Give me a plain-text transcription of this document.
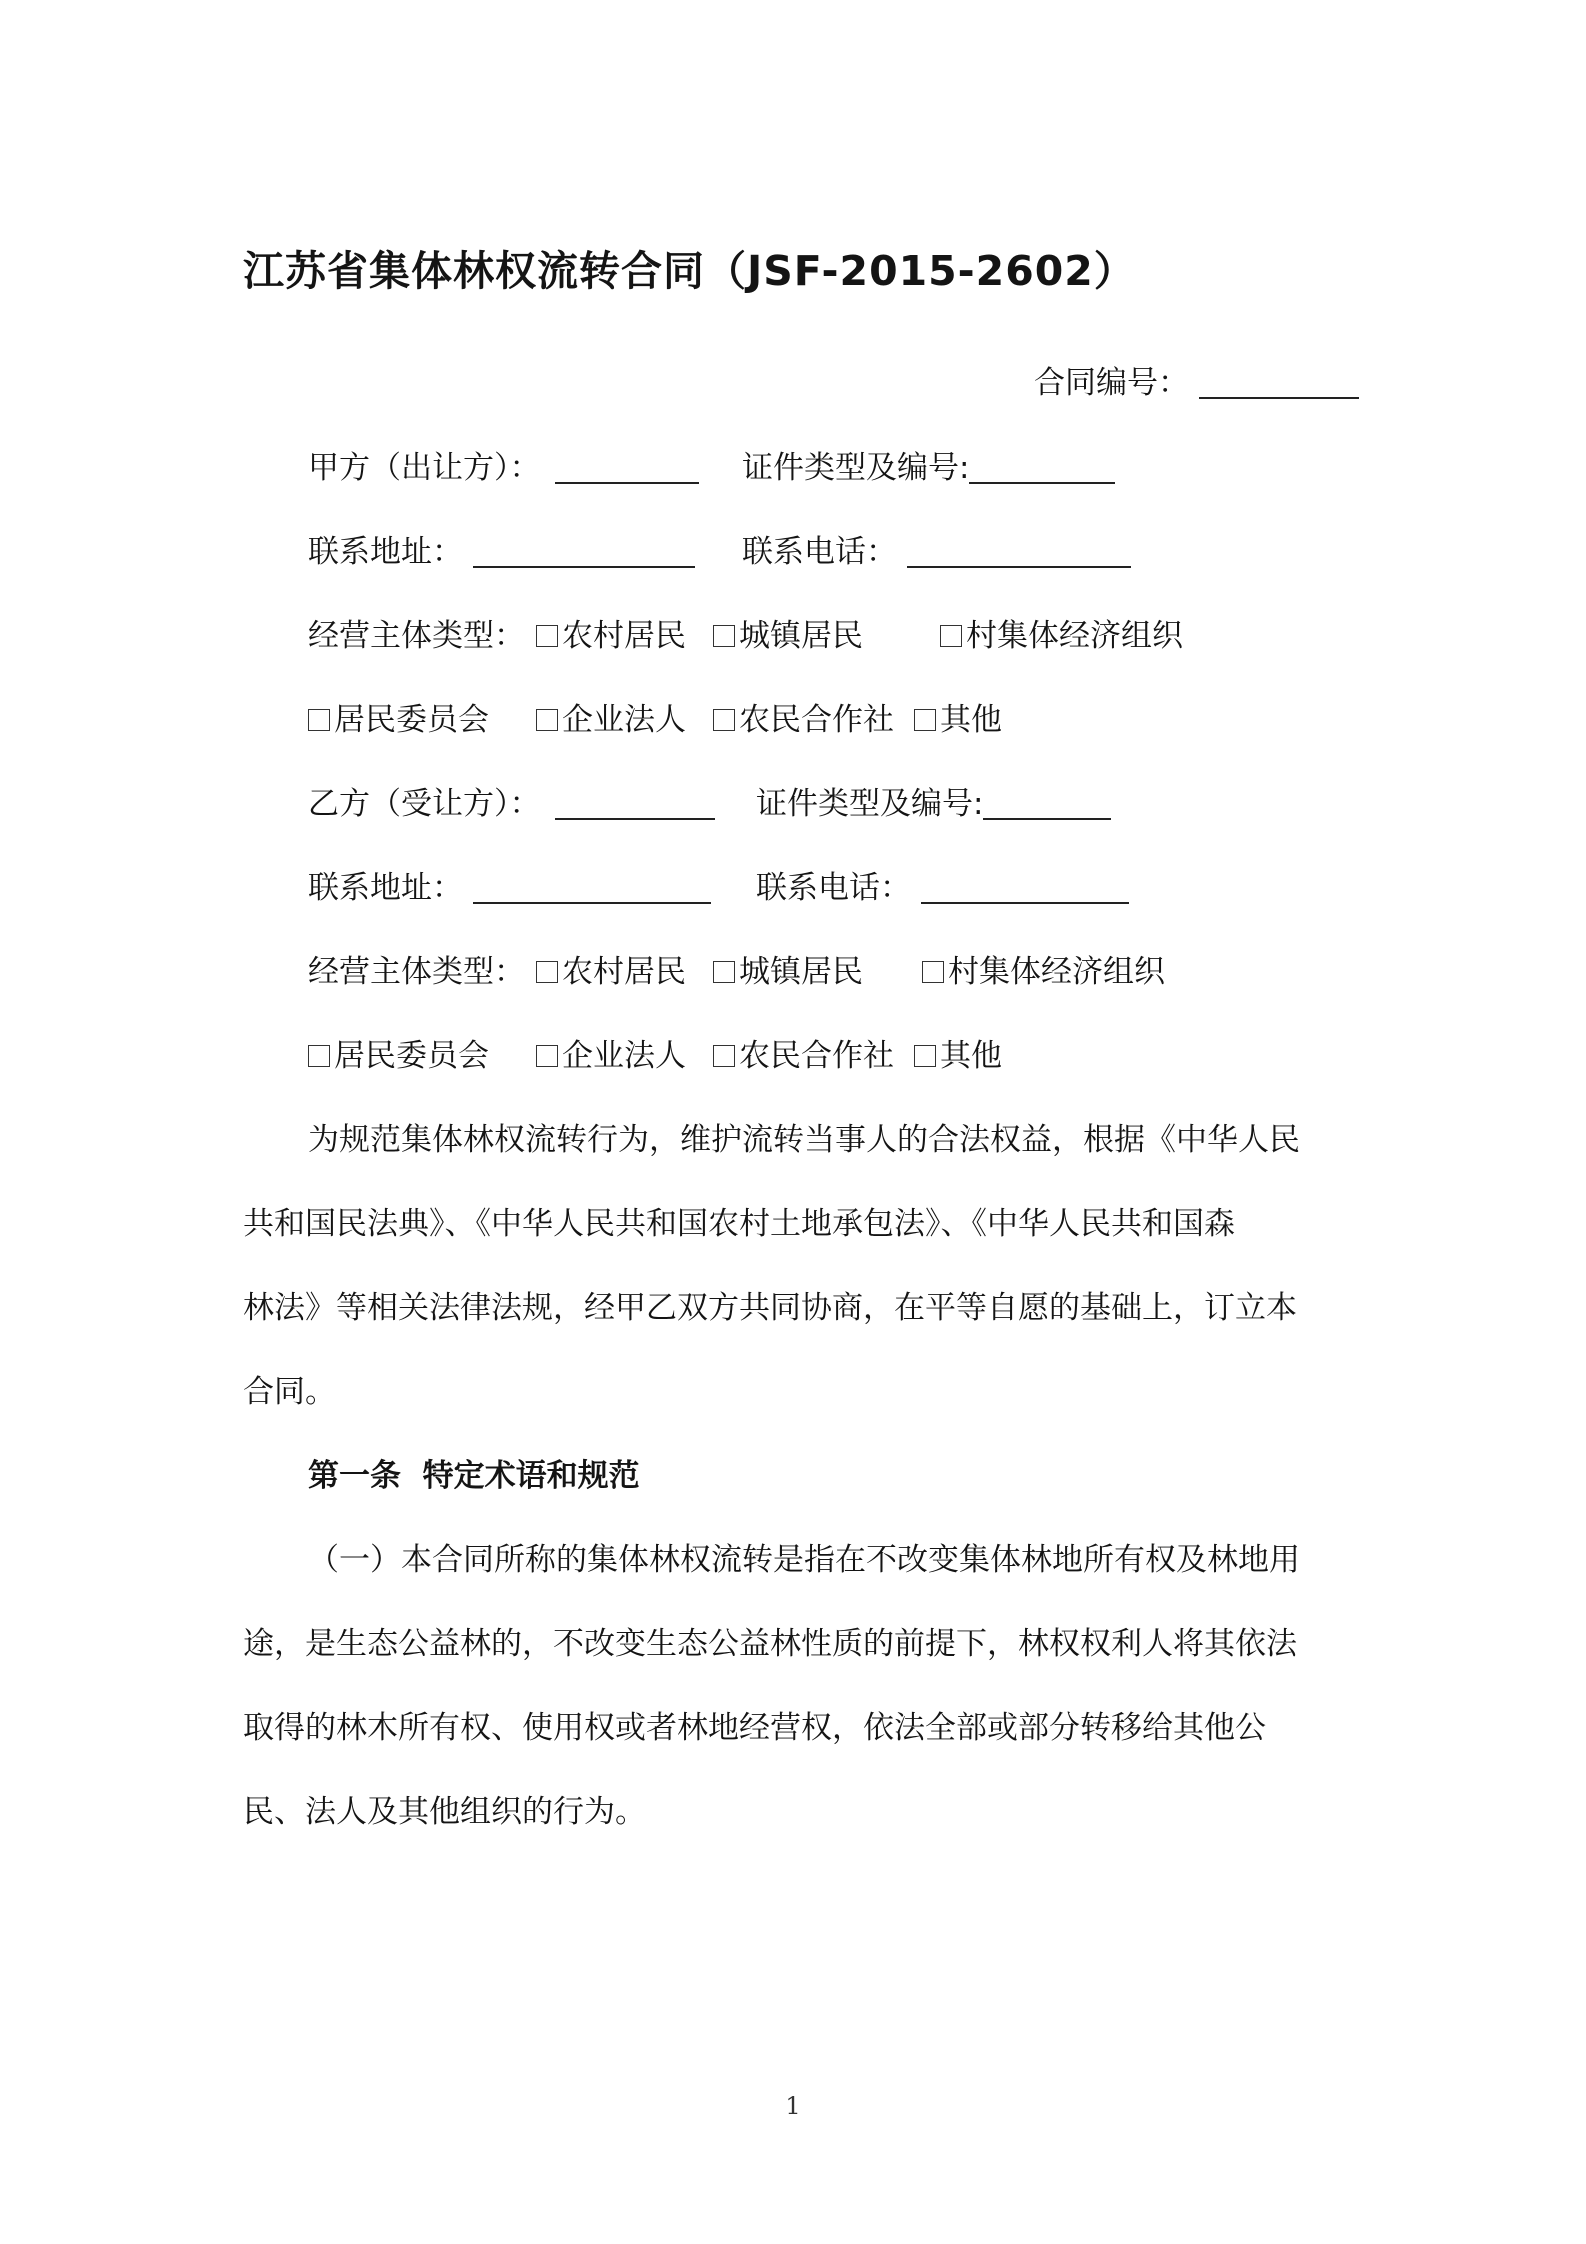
江苏省集体林权流转合同（JSF-2015-2602）
合同编号：
甲方（出让方）：	证件类型及编号:
联系地址：	联系电话：
经营主体类型：	农村居民	城镇居民	村集体经济组织
居民委员会	企业法人	农民合作社	其他
乙方（受让方）：	证件类型及编号:
联系地址：	联系电话：
经营主体类型：	农村居民	城镇居民	村集体经济组织
居民委员会	企业法人	农民合作社	其他
为规范集体林权流转行为，维护流转当事人的合法权益，根据《中华人民
共和国民法典》、《中华人民共和国农村土地承包法》、《中华人民共和国森
林法》等相关法律法规，经甲乙双方共同协商，在平等自愿的基础上，订立本
合同。
第一条  特定术语和规范
（一）本合同所称的集体林权流转是指在不改变集体林地所有权及林地用
途，是生态公益林的，不改变生态公益林性质的前提下，林权权利人将其依法
取得的林木所有权、使用权或者林地经营权，依法全部或部分转移给其他公
民、法人及其他组织的行为。
1
